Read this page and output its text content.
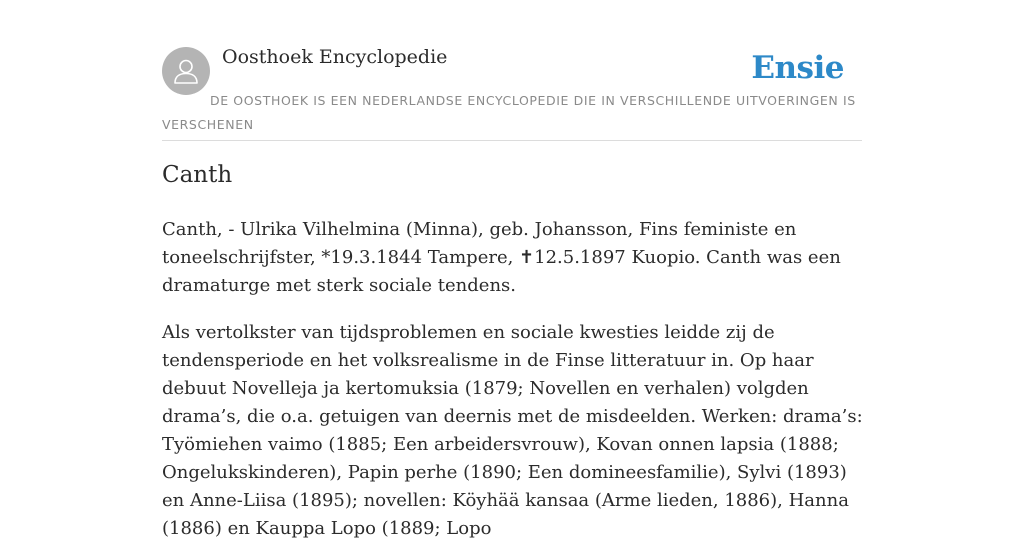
Oosthoek Encyclopedie	Ensie
DE OOSTHOEK IS EEN NEDERLANDSE ENCYCLOPEDIE DIE IN VERSCHILLENDE UITVOERINGEN IS VERSCHENEN
Canth

Canth, - Ulrika Vilhelmina (Minna), geb. Johansson, Fins feministe en toneelschrijfster, *19.3.1844 Tampere, ✝12.5.1897 Kuopio. Canth was een dramaturge met sterk sociale tendens.

Als vertolkster van tijdsproblemen en sociale kwesties leidde zij de tendensperiode en het volksrealisme in de Finse litteratuur in. Op haar debuut Novelleja ja kertomuksia (1879; Novellen en verhalen) volgden drama’s, die o.a. getuigen van deernis met de misdeelden. Werken: drama’s: Työmiehen vaimo (1885; Een arbeidersvrouw), Kovan onnen lapsia (1888; Ongelukskinderen), Papin perhe (1890; Een domineesfamilie), Sylvi (1893) en Anne-Liisa (1895); novellen: Köyhää kansaa (Arme lieden, 1886), Hanna (1886) en Kauppa Lopo (1889; Lopo
